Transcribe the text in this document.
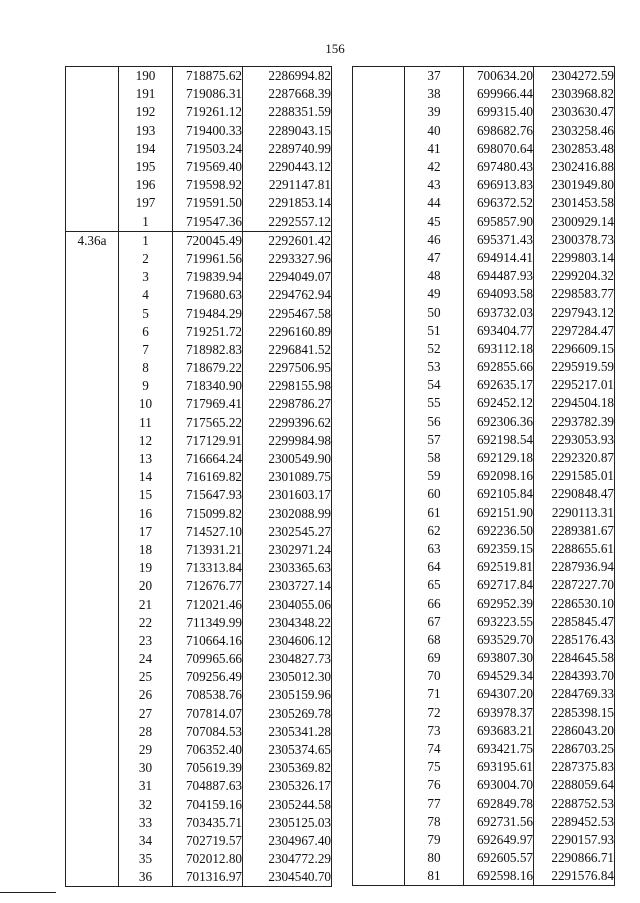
156
	190	718875.62	2286994.82
	191	719086.31	2287668.39
	192	719261.12	2288351.59
	193	719400.33	2289043.15
	194	719503.24	2289740.99
	195	719569.40	2290443.12
	196	719598.92	2291147.81
	197	719591.50	2291853.14
	1	719547.36	2292557.12
4.36a	1	720045.49	2292601.42
	2	719961.56	2293327.96
	3	719839.94	2294049.07
	4	719680.63	2294762.94
	5	719484.29	2295467.58
	6	719251.72	2296160.89
	7	718982.83	2296841.52
	8	718679.22	2297506.95
	9	718340.90	2298155.98
	10	717969.41	2298786.27
	11	717565.22	2299396.62
	12	717129.91	2299984.98
	13	716664.24	2300549.90
	14	716169.82	2301089.75
	15	715647.93	2301603.17
	16	715099.82	2302088.99
	17	714527.10	2302545.27
	18	713931.21	2302971.24
	19	713313.84	2303365.63
	20	712676.77	2303727.14
	21	712021.46	2304055.06
	22	711349.99	2304348.22
	23	710664.16	2304606.12
	24	709965.66	2304827.73
	25	709256.49	2305012.30
	26	708538.76	2305159.96
	27	707814.07	2305269.78
	28	707084.53	2305341.28
	29	706352.40	2305374.65
	30	705619.39	2305369.82
	31	704887.63	2305326.17
	32	704159.16	2305244.58
	33	703435.71	2305125.03
	34	702719.57	2304967.40
	35	702012.80	2304772.29
	36	701316.97	2304540.70
	37	700634.20	2304272.59
	38	699966.44	2303968.82
	39	699315.40	2303630.47
	40	698682.76	2303258.46
	41	698070.64	2302853.48
	42	697480.43	2302416.88
	43	696913.83	2301949.80
	44	696372.52	2301453.58
	45	695857.90	2300929.14
	46	695371.43	2300378.73
	47	694914.41	2299803.14
	48	694487.93	2299204.32
	49	694093.58	2298583.77
	50	693732.03	2297943.12
	51	693404.77	2297284.47
	52	693112.18	2296609.15
	53	692855.66	2295919.59
	54	692635.17	2295217.01
	55	692452.12	2294504.18
	56	692306.36	2293782.39
	57	692198.54	2293053.93
	58	692129.18	2292320.87
	59	692098.16	2291585.01
	60	692105.84	2290848.47
	61	692151.90	2290113.31
	62	692236.50	2289381.67
	63	692359.15	2288655.61
	64	692519.81	2287936.94
	65	692717.84	2287227.70
	66	692952.39	2286530.10
	67	693223.55	2285845.47
	68	693529.70	2285176.43
	69	693807.30	2284645.58
	70	694529.34	2284393.70
	71	694307.20	2284769.33
	72	693978.37	2285398.15
	73	693683.21	2286043.20
	74	693421.75	2286703.25
	75	693195.61	2287375.83
	76	693004.70	2288059.64
	77	692849.78	2288752.53
	78	692731.56	2289452.53
	79	692649.97	2290157.93
	80	692605.57	2290866.71
	81	692598.16	2291576.84
